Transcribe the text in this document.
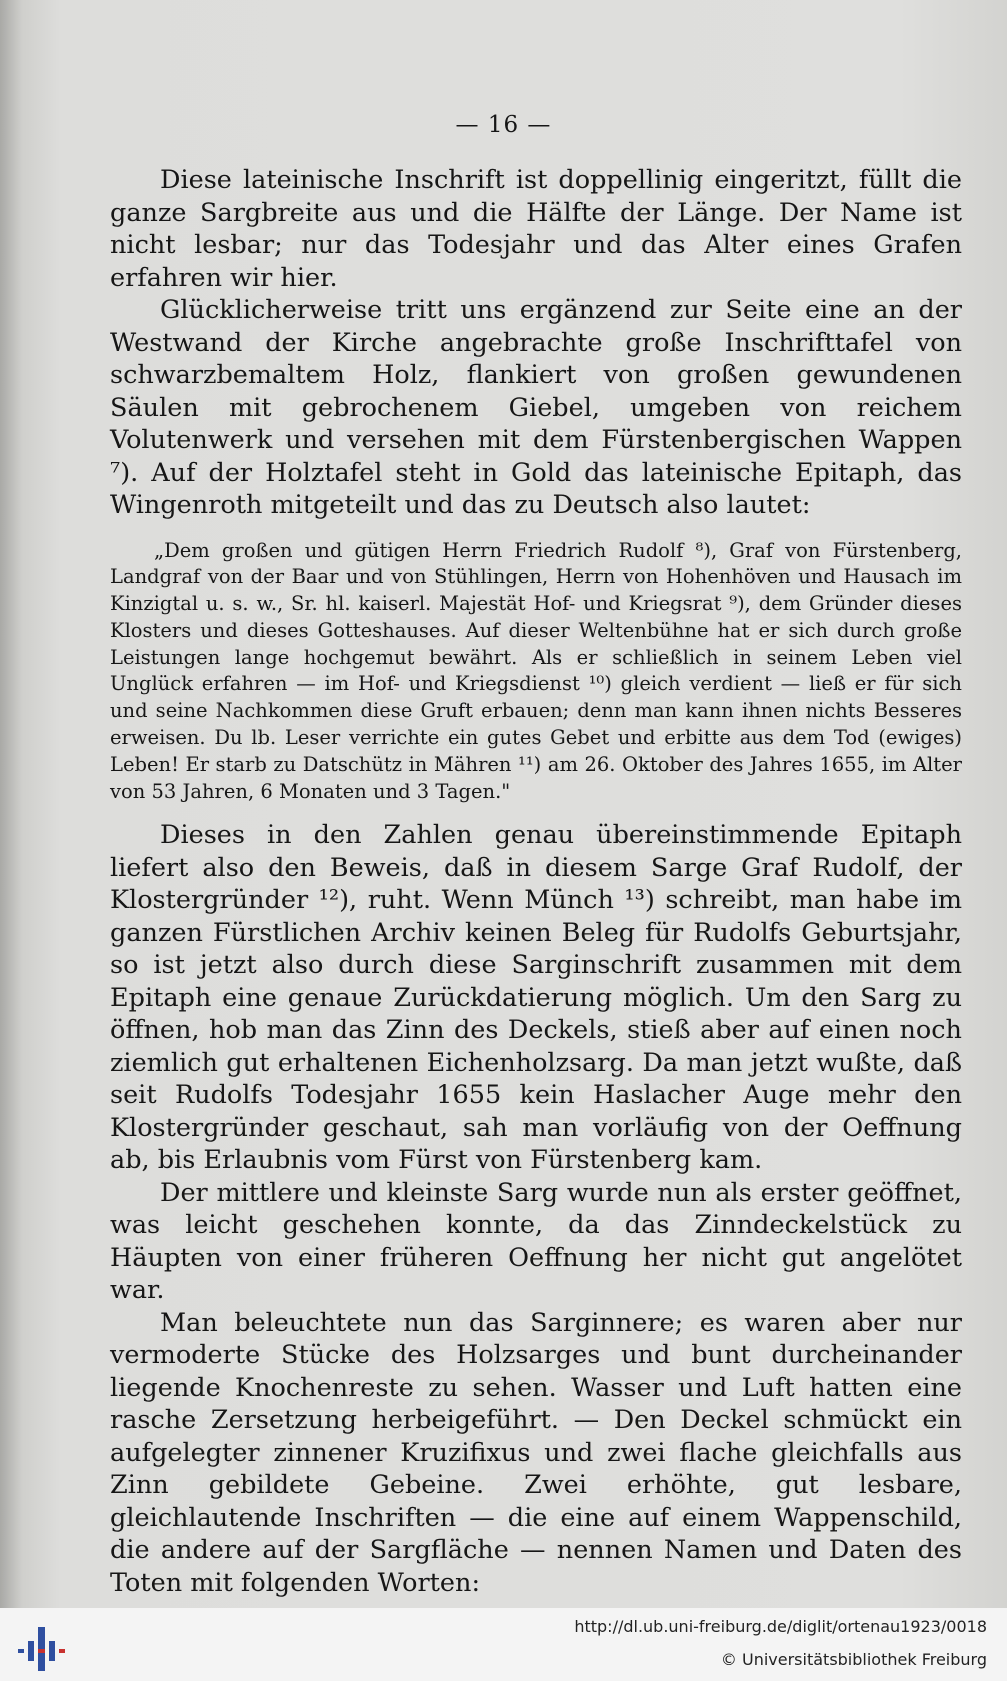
— 16 —

Diese lateinische Inschrift ist doppellinig eingeritzt, füllt die ganze Sargbreite aus und die Hälfte der Länge. Der Name ist nicht lesbar; nur das Todesjahr und das Alter eines Grafen erfahren wir hier.

Glücklicherweise tritt uns ergänzend zur Seite eine an der Westwand der Kirche angebrachte große Inschrifttafel von schwarzbemaltem Holz, flankiert von großen gewundenen Säulen mit gebrochenem Giebel, umgeben von reichem Volutenwerk und versehen mit dem Fürstenbergischen Wappen ⁷). Auf der Holztafel steht in Gold das lateinische Epitaph, das Wingenroth mitgeteilt und das zu Deutsch also lautet:

„Dem großen und gütigen Herrn Friedrich Rudolf ⁸), Graf von Fürstenberg, Landgraf von der Baar und von Stühlingen, Herrn von Hohenhöven und Hausach im Kinzigtal u. s. w., Sr. hl. kaiserl. Majestät Hof- und Kriegsrat ⁹), dem Gründer dieses Klosters und dieses Gotteshauses. Auf dieser Weltenbühne hat er sich durch große Leistungen lange hochgemut bewährt. Als er schließlich in seinem Leben viel Unglück erfahren — im Hof- und Kriegsdienst ¹⁰) gleich verdient — ließ er für sich und seine Nachkommen diese Gruft erbauen; denn man kann ihnen nichts Besseres erweisen. Du lb. Leser verrichte ein gutes Gebet und erbitte aus dem Tod (ewiges) Leben! Er starb zu Datschütz in Mähren ¹¹) am 26. Oktober des Jahres 1655, im Alter von 53 Jahren, 6 Monaten und 3 Tagen."

Dieses in den Zahlen genau übereinstimmende Epitaph liefert also den Beweis, daß in diesem Sarge Graf Rudolf, der Klostergründer ¹²), ruht. Wenn Münch ¹³) schreibt, man habe im ganzen Fürstlichen Archiv keinen Beleg für Rudolfs Geburtsjahr, so ist jetzt also durch diese Sarginschrift zusammen mit dem Epitaph eine genaue Zurückdatierung möglich. Um den Sarg zu öffnen, hob man das Zinn des Deckels, stieß aber auf einen noch ziemlich gut erhaltenen Eichenholzsarg. Da man jetzt wußte, daß seit Rudolfs Todesjahr 1655 kein Haslacher Auge mehr den Klostergründer geschaut, sah man vorläufig von der Oeffnung ab, bis Erlaubnis vom Fürst von Fürstenberg kam.

Der mittlere und kleinste Sarg wurde nun als erster geöffnet, was leicht geschehen konnte, da das Zinndeckelstück zu Häupten von einer früheren Oeffnung her nicht gut angelötet war.

Man beleuchtete nun das Sarginnere; es waren aber nur vermoderte Stücke des Holzsarges und bunt durcheinander liegende Knochenreste zu sehen. Wasser und Luft hatten eine rasche Zersetzung herbeigeführt. — Den Deckel schmückt ein aufgelegter zinnener Kruzifixus und zwei flache gleichfalls aus Zinn gebildete Gebeine. Zwei erhöhte, gut lesbare, gleichlautende Inschriften — die eine auf einem Wappenschild, die andere auf der Sargfläche — nennen Namen und Daten des Toten mit folgenden Worten:

http://dl.ub.uni-freiburg.de/diglit/ortenau1923/0018
© Universitätsbibliothek Freiburg
